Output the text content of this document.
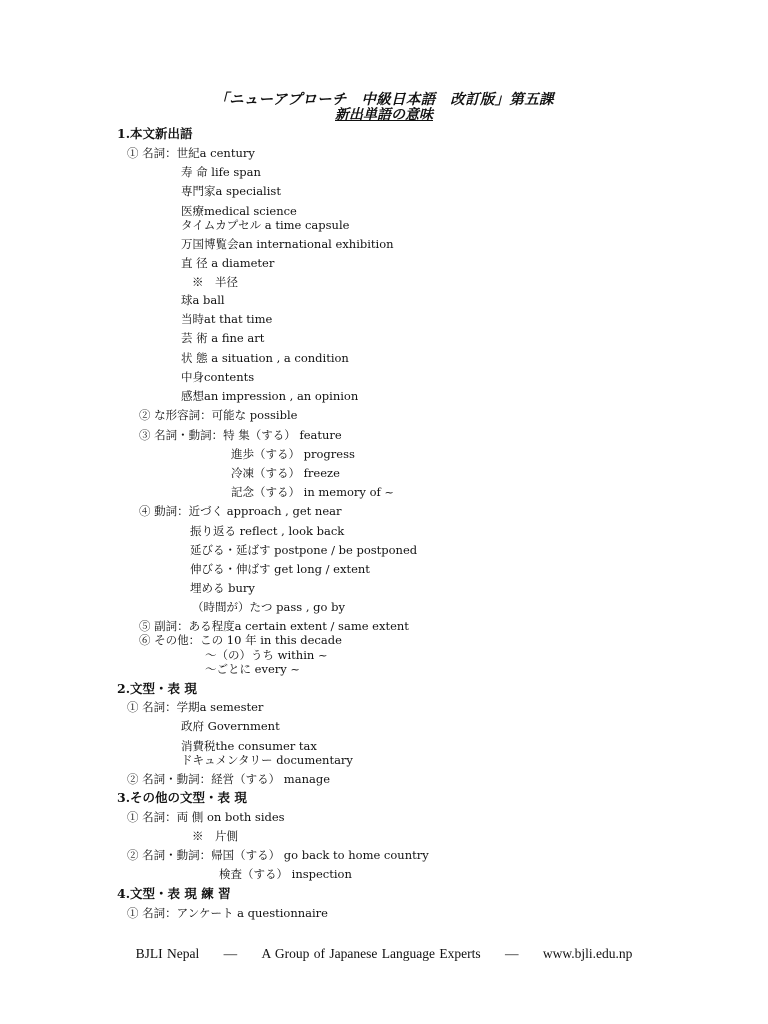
「ニューアプローチ　中級日本語　改訂版」第五課
新出単語の意味
1.本文新出語
① 名詞：世紀a century
寿 命 life span
専門家a specialist
医療medical science
タイムカプセル a time capsule
万国博覧会an international exhibition
直 径 a diameter
※　半径
球a ball
当時at that time
芸 術 a fine art
状 態 a situation , a condition
中身contents
感想an impression , an opinion
② な形容詞：可能な possible
③ 名詞・動詞：特 集（する） feature
進歩（する） progress
冷凍（する） freeze
記念（する） in memory of ~
④ 動詞：近づく approach , get near
振り返る reflect , look back
延びる・延ばす postpone / be postponed
伸びる・伸ばす get long / extent
埋める bury
（時間が）たつ pass , go by
⑤ 副詞：ある程度a certain extent / same extent
⑥ その他：この 10 年 in this decade
～（の）うち within ~
～ごとに every ~
2.文型・表 現
① 名詞：学期a semester
政府 Government
消費税the consumer tax
ドキュメンタリー documentary
② 名詞・動詞：経営（する） manage
3.その他の文型・表 現
① 名詞：両 側 on both sides
※　片側
② 名詞・動詞：帰国（する） go back to home country
検査（する） inspection
4.文型・表 現 練 習
① 名詞：アンケート a questionnaire
BJLI Nepal — A Group of Japanese Language Experts — www.bjli.edu.np
